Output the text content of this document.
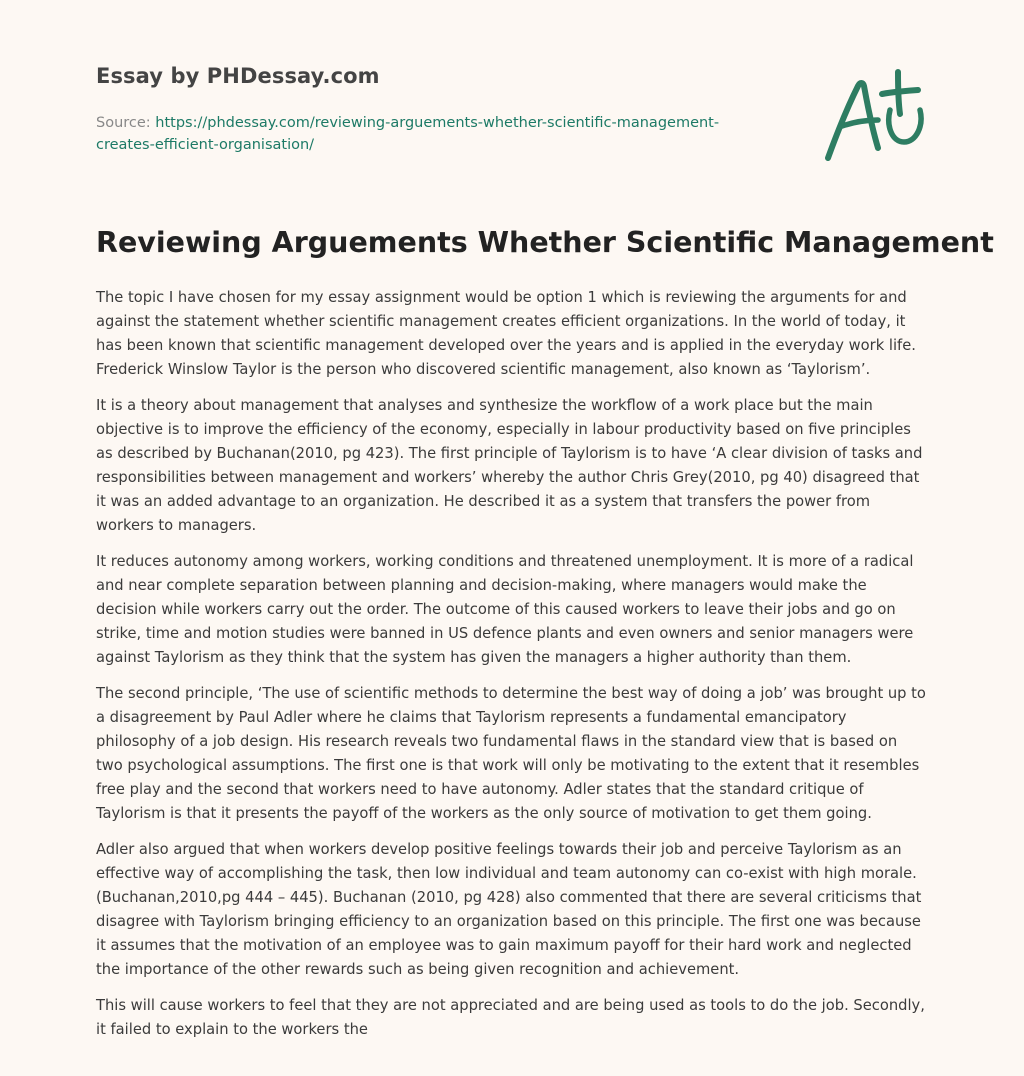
Essay by PHDessay.com
Source: https://phdessay.com/reviewing-arguements-whether-scientific-management-creates-efficient-organisation/
Reviewing Arguements Whether Scientific Management

The topic I have chosen for my essay assignment would be option 1 which is reviewing the arguments for and against the statement whether scientific management creates efficient organizations. In the world of today, it has been known that scientific management developed over the years and is applied in the everyday work life. Frederick Winslow Taylor is the person who discovered scientific management, also known as ‘Taylorism’.

It is a theory about management that analyses and synthesize the workflow of a work place but the main objective is to improve the efficiency of the economy, especially in labour productivity based on five principles as described by Buchanan(2010, pg 423). The first principle of Taylorism is to have ‘A clear division of tasks and responsibilities between management and workers’ whereby the author Chris Grey(2010, pg 40) disagreed that it was an added advantage to an organization. He described it as a system that transfers the power from workers to managers.

It reduces autonomy among workers, working conditions and threatened unemployment. It is more of a radical and near complete separation between planning and decision-making, where managers would make the decision while workers carry out the order. The outcome of this caused workers to leave their jobs and go on strike, time and motion studies were banned in US defence plants and even owners and senior managers were against Taylorism as they think that the system has given the managers a higher authority than them.

The second principle, ‘The use of scientific methods to determine the best way of doing a job’ was brought up to a disagreement by Paul Adler where he claims that Taylorism represents a fundamental emancipatory philosophy of a job design. His research reveals two fundamental flaws in the standard view that is based on two psychological assumptions. The first one is that work will only be motivating to the extent that it resembles free play and the second that workers need to have autonomy. Adler states that the standard critique of Taylorism is that it presents the payoff of the workers as the only source of motivation to get them going.

Adler also argued that when workers develop positive feelings towards their job and perceive Taylorism as an effective way of accomplishing the task, then low individual and team autonomy can co-exist with high morale. (Buchanan,2010,pg 444 – 445). Buchanan (2010, pg 428) also commented that there are several criticisms that disagree with Taylorism bringing efficiency to an organization based on this principle. The first one was because it assumes that the motivation of an employee was to gain maximum payoff for their hard work and neglected the importance of the other rewards such as being given recognition and achievement.

This will cause workers to feel that they are not appreciated and are being used as tools to do the job. Secondly, it failed to explain to the workers the
